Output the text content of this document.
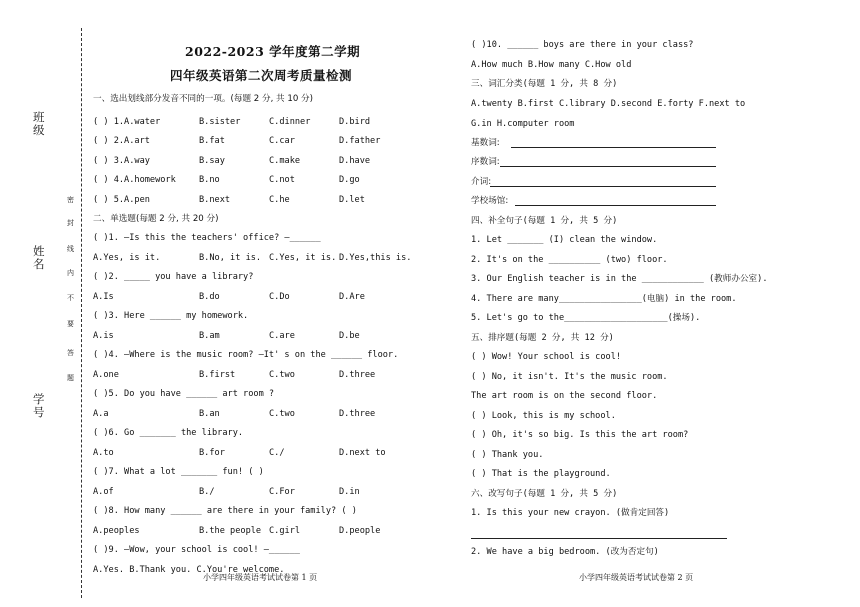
班级
姓名
学号
密
封
线
内
不
要
答
题
2022-2023 学年度第二学期
四年级英语第二次周考质量检测
一、选出划线部分发音不同的一项。(每题 2 分, 共 10 分)
( ) 1.A.water	B.sister	C.dinner	D.bird
( ) 2.A.art	B.fat	C.car	D.father
( ) 3.A.way	B.say	C.make	D.have
( ) 4.A.homework	B.no	C.not	D.go
( ) 5.A.pen	B.next	C.he	D.let
二、单选题(每题 2 分, 共 20 分)
( )1. —Is this the teachers' office? —______
A.Yes, is it.	B.No, it is. C.Yes, it is. D.Yes,this is.
( )2. _____ you have a library?
A.Is	B.do	C.Do	D.Are
( )3. Here ______ my homework.
A.is	B.am	C.are	D.be
( )4. —Where is the music room? —It' s on the ______ floor.
A.one	B.first	C.two	D.three
( )5. Do you have ______ art room ?
A.a	B.an	C.two	D.three
( )6. Go _______ the library.
A.to	B.for	C./	D.next to
( )7. What a lot _______ fun! ( )
A.of	B./	C.For	D.in
( )8. How many ______ are there in your family? ( )
A.peoples	B.the people C.girl	D.people
( )9. —Wow, your school is cool! —______
A.Yes. B.Thank you. C.You're welcome.
小学四年级英语考试试卷第 1 页
( )10. ______ boys are there in your class?
A.How much B.How many C.How old
三、词汇分类(每题 1 分, 共 8 分)
A.twenty B.first C.library D.second E.forty F.next to
G.in H.computer room
基数词:
序数词:
介词:
学校场馆:
四、补全句子(每题 1 分, 共 5 分)
1. Let _______ (I) clean the window.
2. It's on the __________ (two) floor.
3. Our English teacher is in the ____________ (教师办公室).
4. There are many________________(电脑) in the room.
5. Let's go to the____________________(操场).
五、排序题(每题 2 分, 共 12 分)
( ) Wow! Your school is cool!
( ) No, it isn't. It's the music room.
The art room is on the second floor.
( ) Look, this is my school.
( ) Oh, it's so big. Is this the art room?
( ) Thank you.
( ) That is the playground.
六、改写句子(每题 1 分, 共 5 分)
1. Is this your new crayon. (做肯定回答)
2. We have a big bedroom. (改为否定句)
小学四年级英语考试试卷第 2 页
